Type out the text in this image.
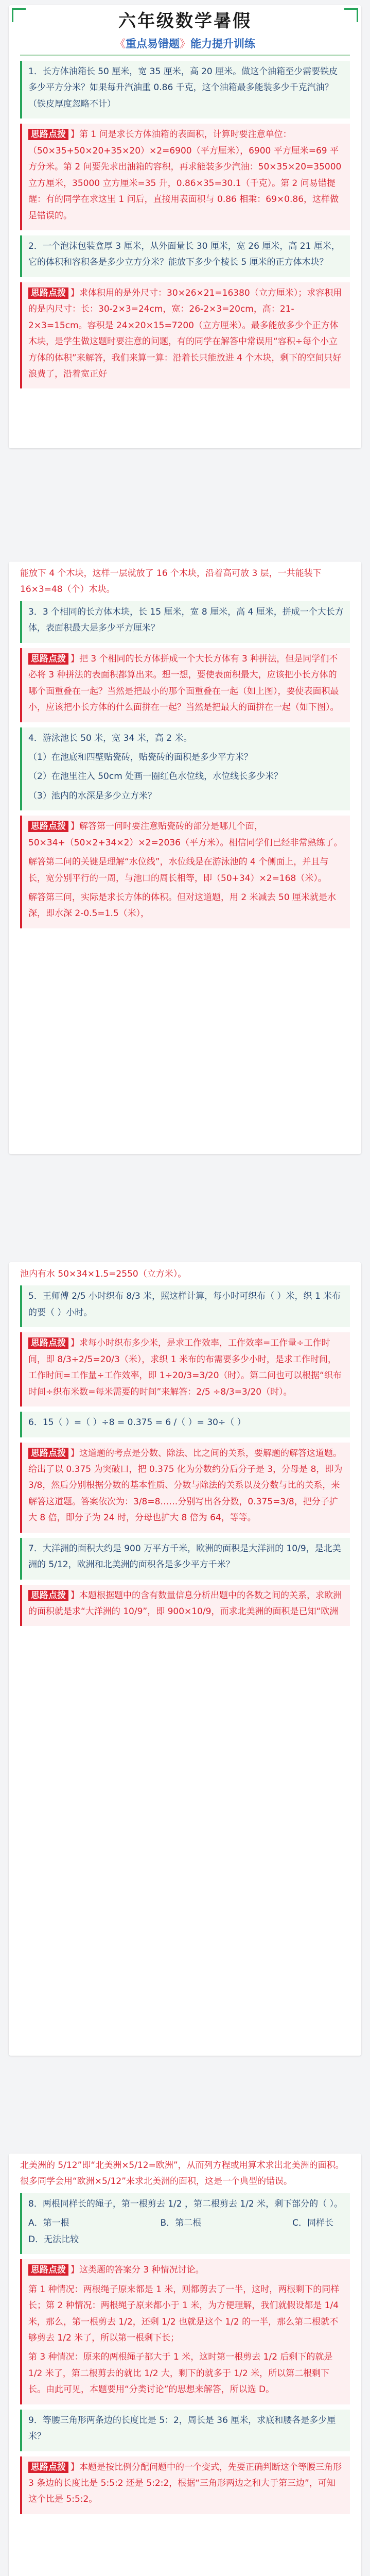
六年级数学暑假
《重点易错题》能力提升训练
1．长方体油箱长 50 厘米，宽 35 厘米，高 20 厘米。做这个油箱至少需要铁皮多少平方分米？如果每升汽油重 0.86 千克，这个油箱最多能装多少千克汽油？（铁皮厚度忽略不计）
思路点拨 】第 1 问是求长方体油箱的表面积，计算时要注意单位：（50×35+50×20+35×20）×2=6900（平方厘米），6900 平方厘米=69 平方分米。第 2 问要先求出油箱的容积，再求能装多少汽油：50×35×20=35000 立方厘米，35000 立方厘米=35 升，0.86×35=30.1（千克）。第 2 问易错提醒：有的同学在求这里 1 问后，直接用表面积与 0.86 相乘：69×0.86，这样做是错误的。
2．一个泡沫包装盒厚 3 厘米，从外面量长 30 厘米，宽 26 厘米，高 21 厘米，它的体积和容积各是多少立方分米？能放下多少个棱长 5 厘米的正方体木块？
思路点拨 】求体积用的是外尺寸：30×26×21=16380（立方厘米）；求容积用的是内尺寸：长：30-2×3=24cm，宽：26-2×3=20cm，高：21-2×3=15cm。容积是 24×20×15=7200（立方厘米）。最多能放多少个正方体木块，是学生做这题时要注意的问题，有的同学在解答中常误用“容积÷每个小立方体的体积”来解答，我们来算一算：沿着长只能放进 4 个木块，剩下的空间只好浪费了，沿着宽正好
能放下 4 个木块，这样一层就放了 16 个木块，沿着高可放 3 层，一共能装下 16×3=48（个）木块。
3．3 个相同的长方体木块，长 15 厘米，宽 8 厘米，高 4 厘米，拼成一个大长方体，表面积最大是多少平方厘米？
思路点拨 】把 3 个相同的长方体拼成一个大长方体有 3 种拼法，但是同学们不必将 3 种拼法的表面积都算出来。想一想，要使表面积最大，应该把小长方体的哪个面重叠在一起？当然是把最小的那个面重叠在一起（如上图），要使表面积最小，应该把小长方体的什么面拼在一起？当然是把最大的面拼在一起（如下图）。
4．游泳池长 50 米，宽 34 米，高 2 米。
（1）在池底和四壁贴瓷砖，贴瓷砖的面积是多少平方米？
（2）在池里注入 50cm 处画一圈红色水位线，水位线长多少米？
（3）池内的水深是多少立方米？
思路点拨 】解答第一问时要注意贴瓷砖的部分是哪几个面，50×34+（50×2+34×2）×2=2036（平方米）。相信同学们已经非常熟练了。
解答第二问的关键是理解“水位线”，水位线是在游泳池的 4 个侧面上，并且与长，宽分别平行的一周，与池口的周长相等，即（50+34）×2=168（米）。
解答第三问，实际是求长方体的体积。但对这道题，用 2 米减去 50 厘米就是水深，即水深 2-0.5=1.5（米），
池内有水 50×34×1.5=2550（立方米）。
5．王师傅 2/5 小时织布 8/3 米，照这样计算，每小时可织布（ ）米，织 1 米布的要（ ）小时。
思路点拨 】求每小时织布多少米，是求工作效率，工作效率=工作量÷工作时间，即 8/3÷2/5=20/3（米），求织 1 米布的布需要多少小时，是求工作时间，工作时间=工作量÷工作效率，即 1÷20/3=3/20（时）。第二问也可以根据“织布时间÷织布米数=每米需要的时间”来解答：2/5 ÷8/3=3/20（时）。
6．15（ ）=（ ）÷8 = 0.375 = 6 /（ ）= 30÷（ ）
思路点拨 】这道题的考点是分数、除法、比之间的关系，要解题的解答这道题。给出了以 0.375 为突破口，把 0.375 化为分数约分后分子是 3，分母是 8，即为 3/8，然后分别根据分数的基本性质、分数与除法的关系以及分数与比的关系，来解答这道题。答案依次为：3/8=8……分别写出各分数，0.375=3/8，把分子扩大 8 倍，即分子为 24 时，分母也扩大 8 倍为 64，等等。
7．大洋洲的面积大约是 900 万平方千米，欧洲的面积是大洋洲的 10/9，是北美洲的 5/12，欧洲和北美洲的面积各是多少平方千米？
思路点拨 】本题根据题中的含有数量信息分析出题中的各数之间的关系，求欧洲的面积就是求“大洋洲的 10/9”，即 900×10/9，而求北美洲的面积是已知“欧洲
北美洲的 5/12”即“北美洲×5/12=欧洲”，从而列方程或用算术求出北美洲的面积。很多同学会用“欧洲×5/12”来求北美洲的面积，这是一个典型的错误。
8．两根同样长的绳子，第一根剪去 1/2 ，第二根剪去 1/2 米，剩下部分的（ ）。
A．第一根	B．第二根	C．同样长
D．无法比较
思路点拨 】这类题的答案分 3 种情况讨论。
第 1 种情况：两根绳子原来都是 1 米，则都剪去了一半，这时，两根剩下的同样长；第 2 种情况：两根绳子原来都小于 1 米，为方便理解，我们就假设都是 1/4 米，那么，第一根剪去 1/2，还剩 1/2 也就是这个 1/2 的一半，那么第二根就不够剪去 1/2 米了，所以第一根剩下长；
第 3 种情况：原来的两根绳子都大于 1 米，这时第一根剪去 1/2 后剩下的就是 1/2 米了，第二根剪去的就比 1/2 大，剩下的就多于 1/2 米，所以第二根剩下长。由此可见，本题要用“分类讨论”的思想来解答，所以选 D。
9．等腰三角形两条边的长度比是 5：2，周长是 36 厘米，求底和腰各是多少厘米？
思路点拨 】本题是按比例分配问题中的一个变式，先要正确判断这个等腰三角形 3 条边的长度比是 5:5:2 还是 5:2:2，根据“三角形两边之和大于第三边”，可知这个比是 5:5:2。
